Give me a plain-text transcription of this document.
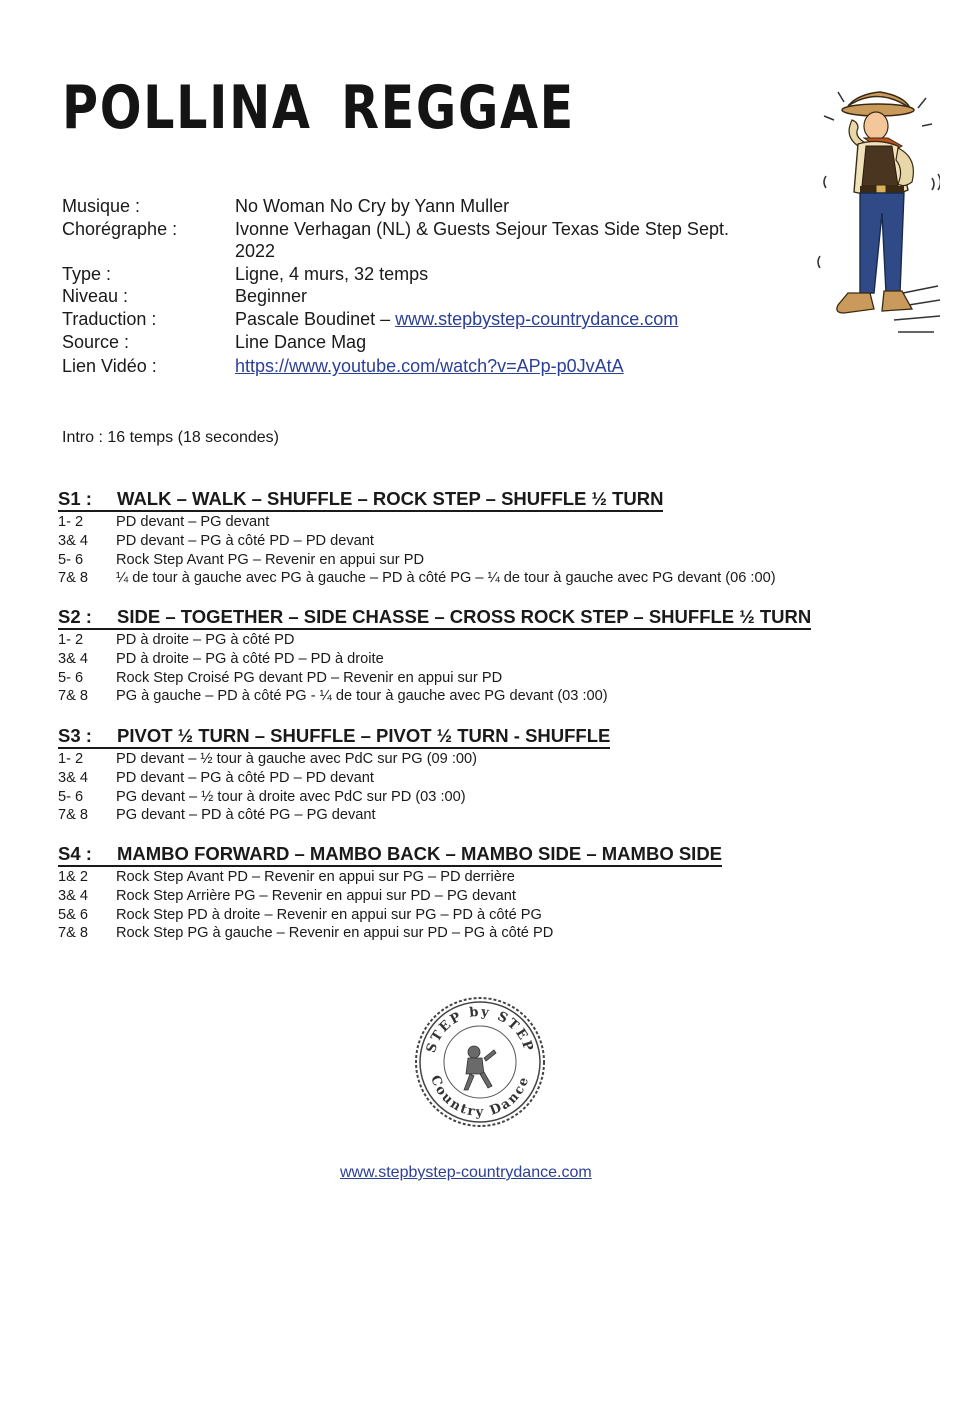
POLLINA REGGAE
Musique :	No Woman No Cry by Yann Muller
Chorégraphe :	Ivonne Verhagan (NL) & Guests Sejour Texas Side Step Sept. 2022
Type :	Ligne, 4 murs, 32 temps
Niveau :	Beginner
Traduction :	Pascale Boudinet – www.stepbystep-countrydance.com
Source :	Line Dance Mag
Lien Vidéo :	https://www.youtube.com/watch?v=APp-p0JvAtA
Intro : 16 temps (18 secondes)
S1 : WALK – WALK – SHUFFLE – ROCK STEP – SHUFFLE ½ TURN
1- 2	PD devant – PG devant
3& 4	PD devant – PG à côté PD – PD devant
5- 6	Rock Step Avant PG – Revenir en appui sur PD
7& 8	¼ de tour à gauche avec PG à gauche – PD à côté PG – ¼ de tour à gauche avec PG devant (06 :00)
S2 : SIDE – TOGETHER – SIDE CHASSE – CROSS ROCK STEP – SHUFFLE ½ TURN
1- 2	PD à droite – PG à côté PD
3& 4	PD à droite – PG à côté PD – PD à droite
5- 6	Rock Step Croisé PG devant PD – Revenir en appui sur PD
7& 8	PG à gauche – PD à côté PG - ¼ de tour à gauche avec PG devant (03 :00)
S3 : PIVOT ½ TURN – SHUFFLE – PIVOT ½ TURN - SHUFFLE
1- 2	PD devant – ½ tour à gauche avec PdC sur PG (09 :00)
3& 4	PD devant – PG à côté PD – PD devant
5- 6	PG devant – ½ tour à droite avec PdC sur PD (03 :00)
7& 8	PG devant – PD à côté PG – PG devant
S4 : MAMBO FORWARD – MAMBO BACK – MAMBO SIDE – MAMBO SIDE
1& 2	Rock Step Avant PD – Revenir en appui sur PG – PD derrière
3& 4	Rock Step Arrière PG – Revenir en appui sur PD – PG devant
5& 6	Rock Step PD à droite – Revenir en appui sur PG – PD à côté PG
7& 8	Rock Step PG à gauche – Revenir en appui sur PD – PG à côté PD
STEP by STEP
Country Dance
www.stepbystep-countrydance.com
